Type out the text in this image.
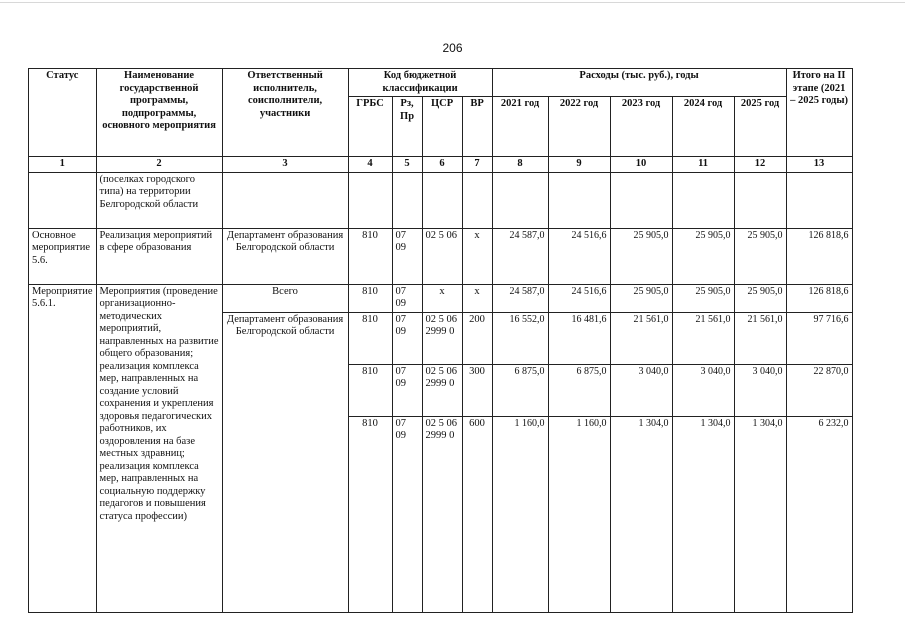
206
Статус	Наименование государственной программы, подпрограммы, основного мероприятия	Ответственный исполнитель, соисполнители, участники	Код бюджетной классификации				Расходы (тыс. руб.), годы					Итого на II этапе (2021 – 2025 годы)
			ГРБС	Рз, Пр	ЦСР	ВР	2021 год	2022 год	2023 год	2024 год	2025 год	
1	2	3	4	5	6	7	8	9	10	11	12	13
	(поселках городского типа) на территории Белгородской области											
Основное мероприятие 5.6.	Реализация мероприятий в сфере образования	Департамент образования Белгородской области	810	07 09	02 5 06	х	24 587,0	24 516,6	25 905,0	25 905,0	25 905,0	126 818,6
Мероприятие 5.6.1.	Мероприятия (проведение организационно-методических мероприятий, направленных на развитие общего образования; реализация комплекса мер, направленных на создание условий сохранения и укрепления здоровья педагогических работников, их оздоровления на базе местных здравниц; реализация комплекса мер, направленных на социальную поддержку педагогов и повышения статуса профессии)	Всего	810	07 09	х	х	24 587,0	24 516,6	25 905,0	25 905,0	25 905,0	126 818,6
		Департамент образования Белгородской области	810	07 09	02 5 06 2999 0	200	16 552,0	16 481,6	21 561,0	21 561,0	21 561,0	97 716,6
			810	07 09	02 5 06 2999 0	300	6 875,0	6 875,0	3 040,0	3 040,0	3 040,0	22 870,0
			810	07 09	02 5 06 2999 0	600	1 160,0	1 160,0	1 304,0	1 304,0	1 304,0	6 232,0
